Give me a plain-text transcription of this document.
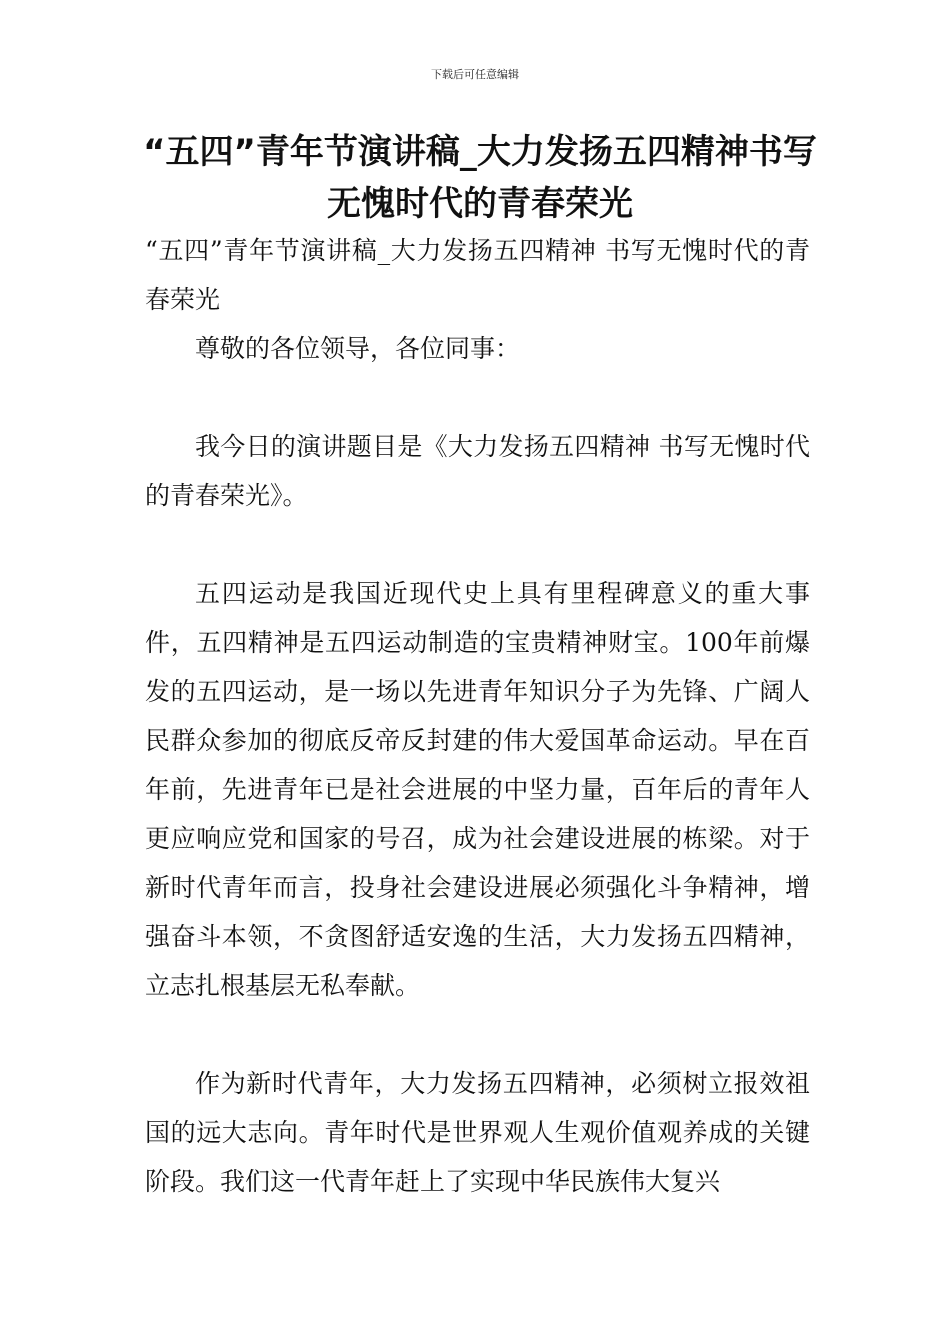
下载后可任意编辑
“五四”青年节演讲稿_大力发扬五四精神书写无愧时代的青春荣光

“五四”青年节演讲稿_大力发扬五四精神 书写无愧时代的青春荣光

尊敬的各位领导，各位同事：

我今日的演讲题目是《大力发扬五四精神 书写无愧时代的青春荣光》。

五四运动是我国近现代史上具有里程碑意义的重大事件，五四精神是五四运动制造的宝贵精神财宝。100年前爆发的五四运动，是一场以先进青年知识分子为先锋、广阔人民群众参加的彻底反帝反封建的伟大爱国革命运动。早在百年前，先进青年已是社会进展的中坚力量，百年后的青年人更应响应党和国家的号召，成为社会建设进展的栋梁。对于新时代青年而言，投身社会建设进展必须强化斗争精神，增强奋斗本领，不贪图舒适安逸的生活，大力发扬五四精神，立志扎根基层无私奉献。

作为新时代青年，大力发扬五四精神，必须树立报效祖国的远大志向。青年时代是世界观人生观价值观养成的关键阶段。我们这一代青年赶上了实现中华民族伟大复兴
